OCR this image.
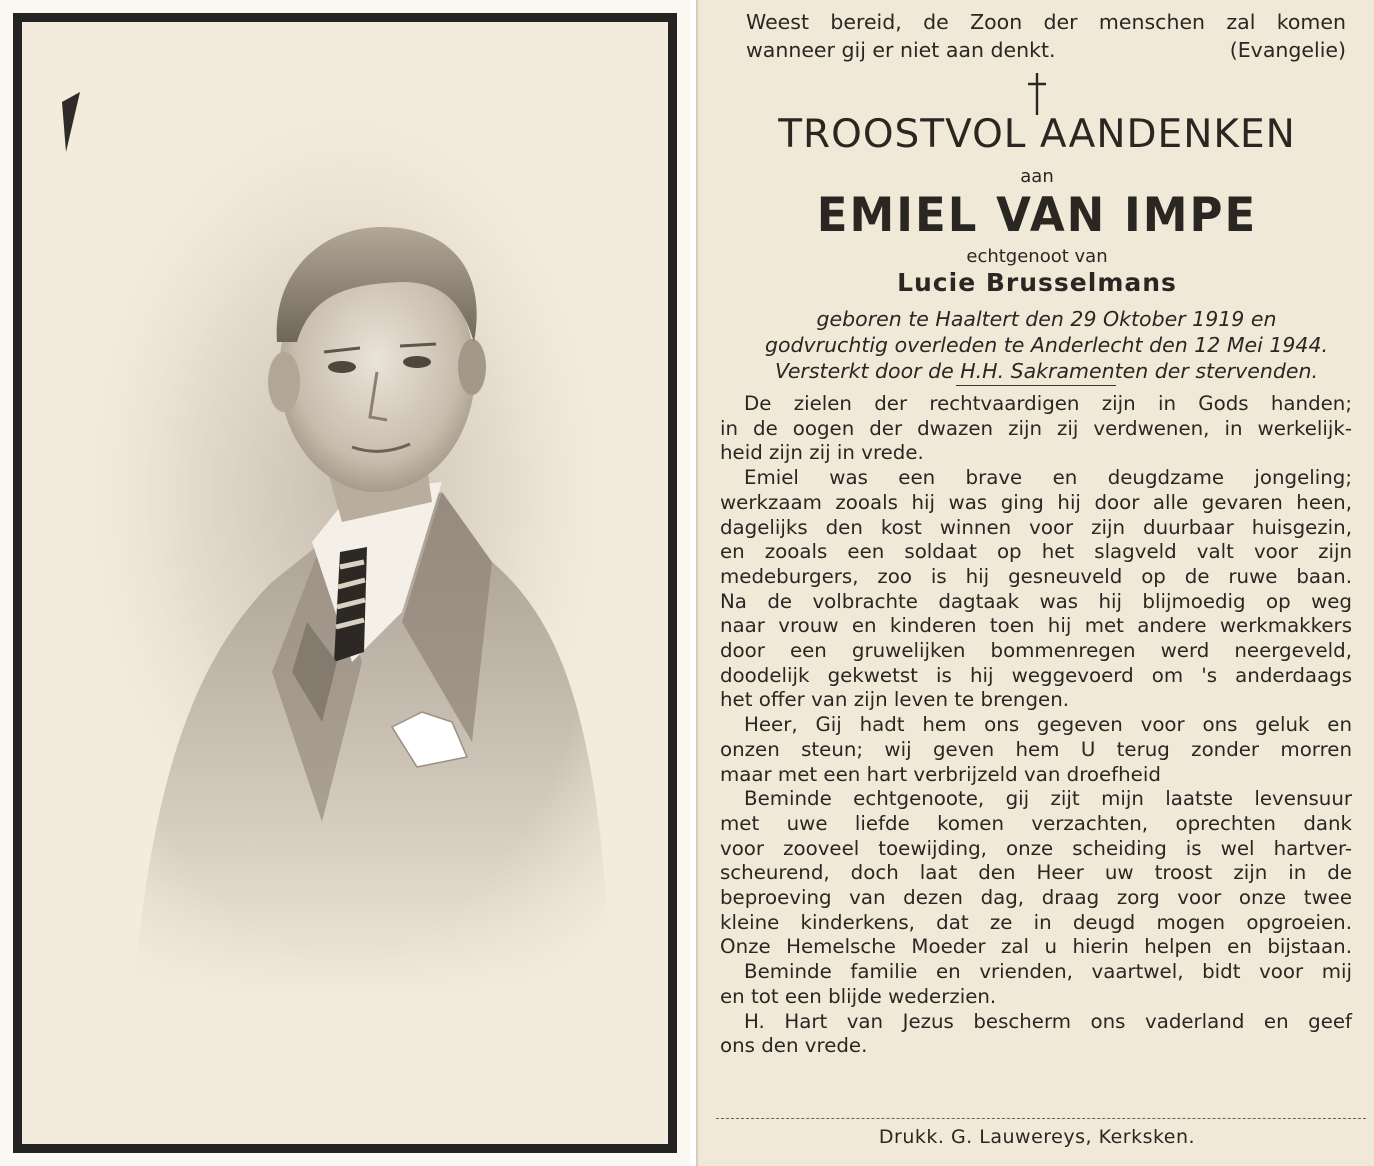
Weest bereid, de Zoon der menschen zal komen
wanneer gij er niet aan denkt.	(Evangelie)
TROOSTVOL AANDENKEN
aan
EMIEL VAN IMPE
echtgenoot van
Lucie Brusselmans
geboren te Haaltert den 29 Oktober 1919 en
godvruchtig overleden te Anderlecht den 12 Mei 1944.
Versterkt door de H.H. Sakramenten der stervenden.
De zielen der rechtvaardigen zijn in Gods handen;
in de oogen der dwazen zijn zij verdwenen, in werkelijk-
heid zijn zij in vrede.
Emiel was een brave en deugdzame jongeling;
werkzaam zooals hij was ging hij door alle gevaren heen,
dagelijks den kost winnen voor zijn duurbaar huisgezin,
en zooals een soldaat op het slagveld valt voor zijn
medeburgers, zoo is hij gesneuveld op de ruwe baan.
Na de volbrachte dagtaak was hij blijmoedig op weg
naar vrouw en kinderen toen hij met andere werkmakkers
door een gruwelijken bommenregen werd neergeveld,
doodelijk gekwetst is hij weggevoerd om 's anderdaags
het offer van zijn leven te brengen.
Heer, Gij hadt hem ons gegeven voor ons geluk en
onzen steun; wij geven hem U terug zonder morren
maar met een hart verbrijzeld van droefheid
Beminde echtgenoote, gij zijt mijn laatste levensuur
met uwe liefde komen verzachten, oprechten dank
voor zooveel toewijding, onze scheiding is wel hartver-
scheurend, doch laat den Heer uw troost zijn in de
beproeving van dezen dag, draag zorg voor onze twee
kleine kinderkens, dat ze in deugd mogen opgroeien.
Onze Hemelsche Moeder zal u hierin helpen en bijstaan.
Beminde familie en vrienden, vaartwel, bidt voor mij
en tot een blijde wederzien.
H. Hart van Jezus bescherm ons vaderland en geef
ons den vrede.
Drukk. G. Lauwereys, Kerksken.
